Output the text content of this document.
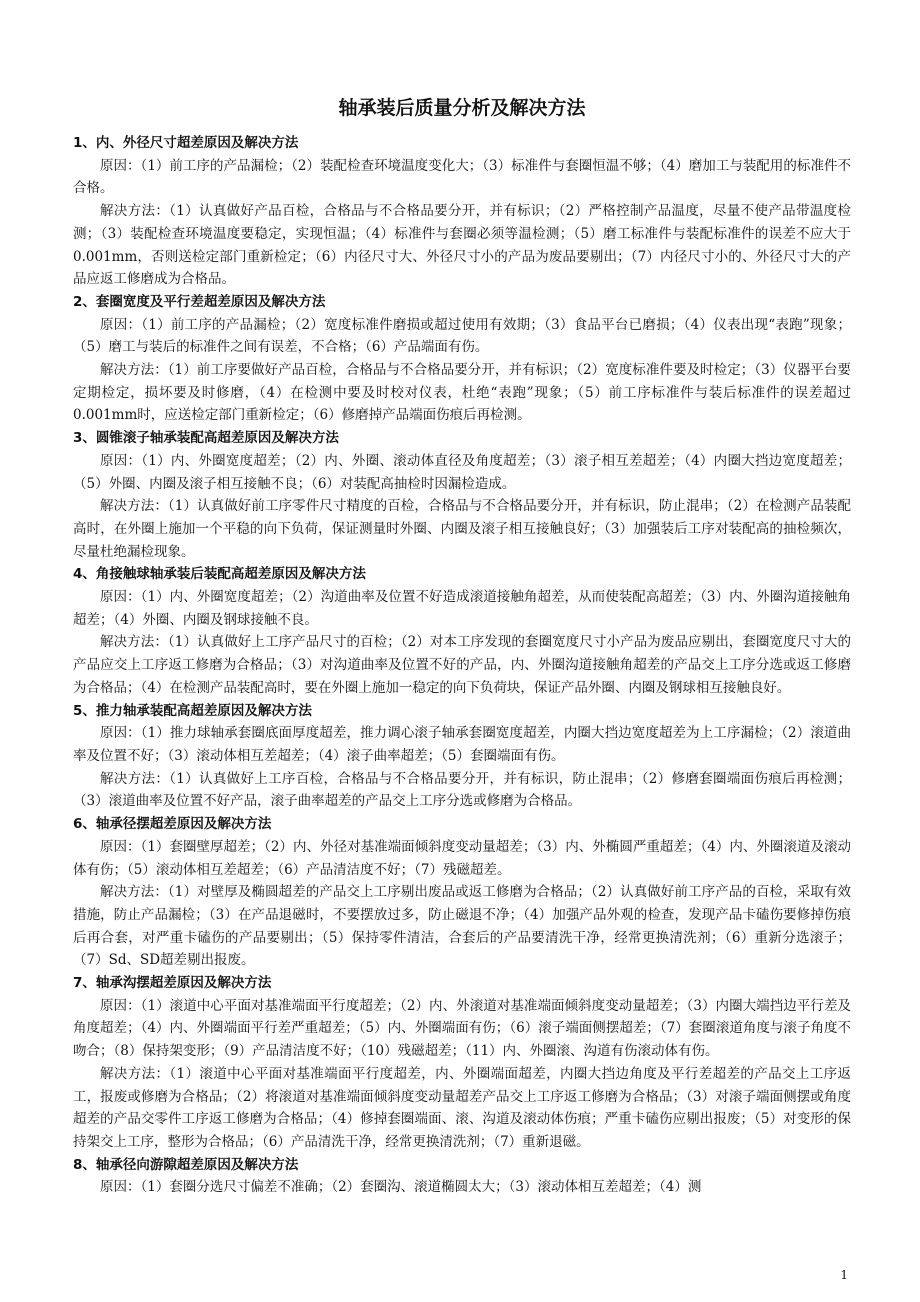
轴承装后质量分析及解决方法
1、内、外径尺寸超差原因及解决方法

原因：（1）前工序的产品漏检；（2）装配检查环境温度变化大；（3）标准件与套圈恒温不够；（4）磨加工与装配用的标准件不合格。

解决方法：（1）认真做好产品百检，合格品与不合格品要分开，并有标识；（2）严格控制产品温度，尽量不使产品带温度检测；（3）装配检查环境温度要稳定，实现恒温；（4）标准件与套圈必须等温检测；（5）磨工标准件与装配标准件的误差不应大于0.001mm，否则送检定部门重新检定；（6）内径尺寸大、外径尺寸小的产品为废品要剔出；（7）内径尺寸小的、外径尺寸大的产品应返工修磨成为合格品。

2、套圈宽度及平行差超差原因及解决方法

原因：（1）前工序的产品漏检；（2）宽度标准件磨损或超过使用有效期；（3）食品平台已磨损；（4）仪表出现“表跑”现象；（5）磨工与装后的标准件之间有误差，不合格；（6）产品端面有伤。

解决方法：（1）前工序要做好产品百检，合格品与不合格品要分开，并有标识；（2）宽度标准件要及时检定；（3）仪器平台要定期检定，损坏要及时修磨，（4）在检测中要及时校对仪表，杜绝“表跑”现象；（5）前工序标准件与装后标准件的误差超过0.001mm时，应送检定部门重新检定；（6）修磨掉产品端面伤痕后再检测。

3、圆锥滚子轴承装配高超差原因及解决方法

原因：（1）内、外圈宽度超差；（2）内、外圈、滚动体直径及角度超差；（3）滚子相互差超差；（4）内圈大挡边宽度超差；（5）外圈、内圈及滚子相互接触不良；（6）对装配高抽检时因漏检造成。

解决方法：（1）认真做好前工序零件尺寸精度的百检，合格品与不合格品要分开，并有标识，防止混串；（2）在检测产品装配高时，在外圈上施加一个平稳的向下负荷，保证测量时外圈、内圈及滚子相互接触良好；（3）加强装后工序对装配高的抽检频次，尽量杜绝漏检现象。

4、角接触球轴承装后装配高超差原因及解决方法

原因：（1）内、外圈宽度超差；（2）沟道曲率及位置不好造成滚道接触角超差，从而使装配高超差；（3）内、外圈沟道接触角超差；（4）外圈、内圈及钢球接触不良。

解决方法：（1）认真做好上工序产品尺寸的百检；（2）对本工序发现的套圈宽度尺寸小产品为废品应剔出，套圈宽度尺寸大的产品应交上工序返工修磨为合格品；（3）对沟道曲率及位置不好的产品，内、外圈沟道接触角超差的产品交上工序分选或返工修磨为合格品；（4）在检测产品装配高时，要在外圈上施加一稳定的向下负荷块，保证产品外圈、内圈及钢球相互接触良好。

5、推力轴承装配高超差原因及解决方法

原因：（1）推力球轴承套圈底面厚度超差，推力调心滚子轴承套圈宽度超差，内圈大挡边宽度超差为上工序漏检；（2）滚道曲率及位置不好；（3）滚动体相互差超差；（4）滚子曲率超差；（5）套圈端面有伤。

解决方法：（1）认真做好上工序百检，合格品与不合格品要分开，并有标识，防止混串；（2）修磨套圈端面伤痕后再检测；（3）滚道曲率及位置不好产品，滚子曲率超差的产品交上工序分选或修磨为合格品。

6、轴承径摆超差原因及解决方法

原因：（1）套圈壁厚超差；（2）内、外径对基准端面倾斜度变动量超差；（3）内、外椭圆严重超差；（4）内、外圈滚道及滚动体有伤；（5）滚动体相互差超差；（6）产品清洁度不好；（7）残磁超差。

解决方法：（1）对壁厚及椭圆超差的产品交上工序剔出废品或返工修磨为合格品；（2）认真做好前工序产品的百检，采取有效措施，防止产品漏检；（3）在产品退磁时，不要摆放过多，防止磁退不净；（4）加强产品外观的检查，发现产品卡磕伤要修掉伤痕后再合套，对严重卡磕伤的产品要剔出；（5）保持零件清洁，合套后的产品要清洗干净，经常更换清洗剂；（6）重新分选滚子；（7）Sd、SD超差剔出报废。

7、轴承沟摆超差原因及解决方法

原因：（1）滚道中心平面对基准端面平行度超差；（2）内、外滚道对基准端面倾斜度变动量超差；（3）内圈大端挡边平行差及角度超差；（4）内、外圈端面平行差严重超差；（5）内、外圈端面有伤；（6）滚子端面侧摆超差；（7）套圈滚道角度与滚子角度不吻合；（8）保持架变形；（9）产品清洁度不好；（10）残磁超差；（11）内、外圈滚、沟道有伤滚动体有伤。

解决方法：（1）滚道中心平面对基准端面平行度超差，内、外圈端面超差，内圈大挡边角度及平行差超差的产品交上工序返工，报废或修磨为合格品；（2）将滚道对基准端面倾斜度变动量超差产品交上工序返工修磨为合格品；（3）对滚子端面侧摆或角度超差的产品交零件工序返工修磨为合格品；（4）修掉套圈端面、滚、沟道及滚动体伤痕；严重卡磕伤应剔出报废；（5）对变形的保持架交上工序，整形为合格品；（6）产品清洗干净，经常更换清洗剂；（7）重新退磁。

8、轴承径向游隙超差原因及解决方法

原因：（1）套圈分选尺寸偏差不准确；（2）套圈沟、滚道椭圆太大；（3）滚动体相互差超差；（4）测

1
